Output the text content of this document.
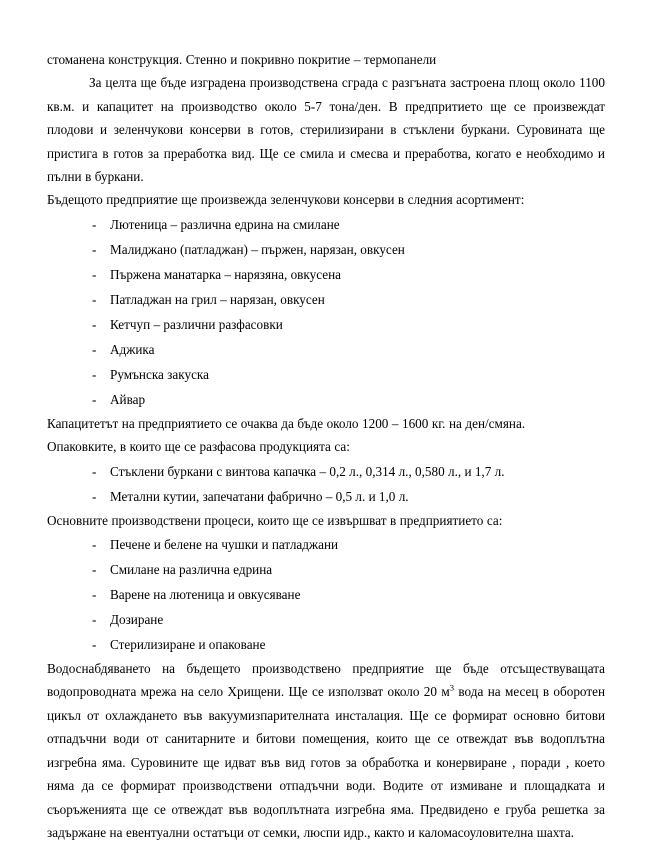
стоманена конструкция. Стенно и покривно покритие – термопанели

За целта ще бъде изградена производствена сграда с разгъната застроена площ около 1100 кв.м. и капацитет на производство около 5-7 тона/ден. В предпритието ще се произвеждат плодови и зеленчукови консерви в готов, стерилизирани в стъклени буркани. Суровината ще пристига в готов за преработка вид. Ще се смила и смесва и преработва, когато е необходимо и пълни в буркани.

Бъдещото предприятие ще произвежда зеленчукови консерви в следния асортимент:

-	Лютеница – различна едрина на смилане
-	Малиджано (патладжан) – пържен, нарязан, овкусен
-	Пържена манатарка – нарязяна, овкусена
-	Патладжан на грил – нарязан, овкусен
-	Кетчуп – различни разфасовки
-	Аджика
-	Румънска закуска
-	Айвар

Капацитетът на предприятието се очаква да бъде около 1200 – 1600 кг. на ден/смяна.

Опаковките, в които ще се разфасова продукцията са:

-	Стъклени буркани с винтова капачка – 0,2 л., 0,314 л., 0,580 л., и 1,7 л.
-	Метални кутии, запечатани фабрично – 0,5 л. и 1,0 л.

Основните производствени процеси, които ще се извършват в предприятието са:

-	Печене и белене на чушки и патладжани
-	Смилане на различна едрина
-	Варене на лютеница и овкусяване
-	Дозиране
-	Стерилизиране и опаковане

Водоснабдяването на бъдещето производствено предприятие ще бъде отсъществуващата водопроводната мрежа на село Хрищени. Ще се използват около 20 $м^3$ вода на месец в оборотен цикъл от охлаждането във вакуумизпарителната инсталация. Ще се формират основно битови отпадъчни води от санитарните и битови помещения, които ще се отвеждат във водоплътна изгребна яма. Суровините ще идват във вид готов за обработка и конервиране , поради , което няма да се формират производствени отпадъчни води. Водите от измиване и площадката и съоръженията ще се отвеждат във водоплътната изгребна яма. Предвидено е груба решетка за задържане на евентуални остатъци от семки, люспи идр., както и каломасоуловителна шахта.
